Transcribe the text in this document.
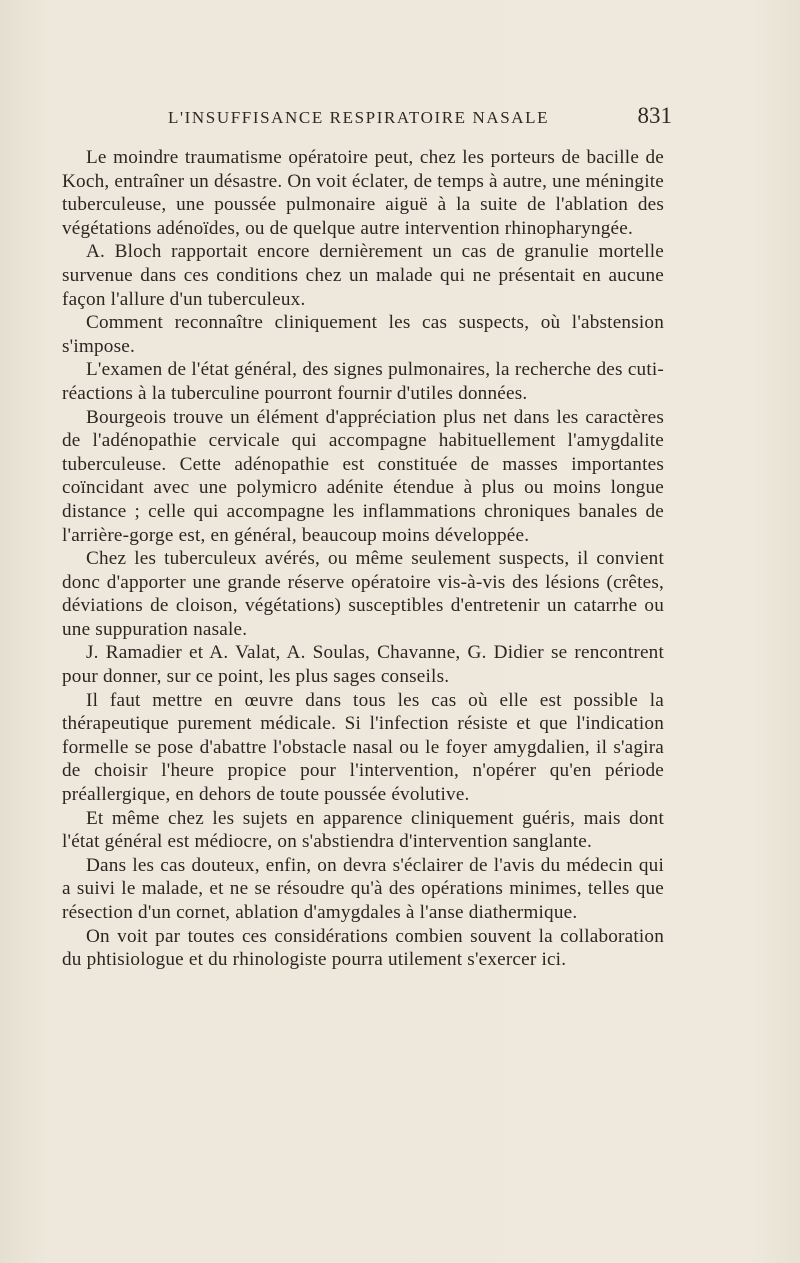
L'INSUFFISANCE RESPIRATOIRE NASALE	831

Le moindre traumatisme opératoire peut, chez les porteurs de bacille de Koch, entraîner un désastre. On voit éclater, de temps à autre, une méningite tuberculeuse, une poussée pulmonaire aiguë à la suite de l'ablation des végétations adénoïdes, ou de quelque autre intervention rhinopharyngée.

A. Bloch rapportait encore dernièrement un cas de granulie mortelle survenue dans ces conditions chez un malade qui ne présentait en aucune façon l'allure d'un tuberculeux.

Comment reconnaître cliniquement les cas suspects, où l'abstension s'impose.

L'examen de l'état général, des signes pulmonaires, la recherche des cuti-réactions à la tuberculine pourront fournir d'utiles données.

Bourgeois trouve un élément d'appréciation plus net dans les caractères de l'adénopathie cervicale qui accompagne habituellement l'amygdalite tuberculeuse. Cette adénopathie est constituée de masses importantes coïncidant avec une polymicro adénite étendue à plus ou moins longue distance ; celle qui accompagne les inflammations chroniques banales de l'arrière-gorge est, en général, beaucoup moins développée.

Chez les tuberculeux avérés, ou même seulement suspects, il convient donc d'apporter une grande réserve opératoire vis-à-vis des lésions (crêtes, déviations de cloison, végétations) susceptibles d'entretenir un catarrhe ou une suppuration nasale.

J. Ramadier et A. Valat, A. Soulas, Chavanne, G. Didier se rencontrent pour donner, sur ce point, les plus sages conseils.

Il faut mettre en œuvre dans tous les cas où elle est possible la thérapeutique purement médicale. Si l'infection résiste et que l'indication formelle se pose d'abattre l'obstacle nasal ou le foyer amygdalien, il s'agira de choisir l'heure propice pour l'intervention, n'opérer qu'en période préallergique, en dehors de toute poussée évolutive.

Et même chez les sujets en apparence cliniquement guéris, mais dont l'état général est médiocre, on s'abstiendra d'intervention sanglante.

Dans les cas douteux, enfin, on devra s'éclairer de l'avis du médecin qui a suivi le malade, et ne se résoudre qu'à des opérations minimes, telles que résection d'un cornet, ablation d'amygdales à l'anse diathermique.

On voit par toutes ces considérations combien souvent la collaboration du phtisiologue et du rhinologiste pourra utilement s'exercer ici.
